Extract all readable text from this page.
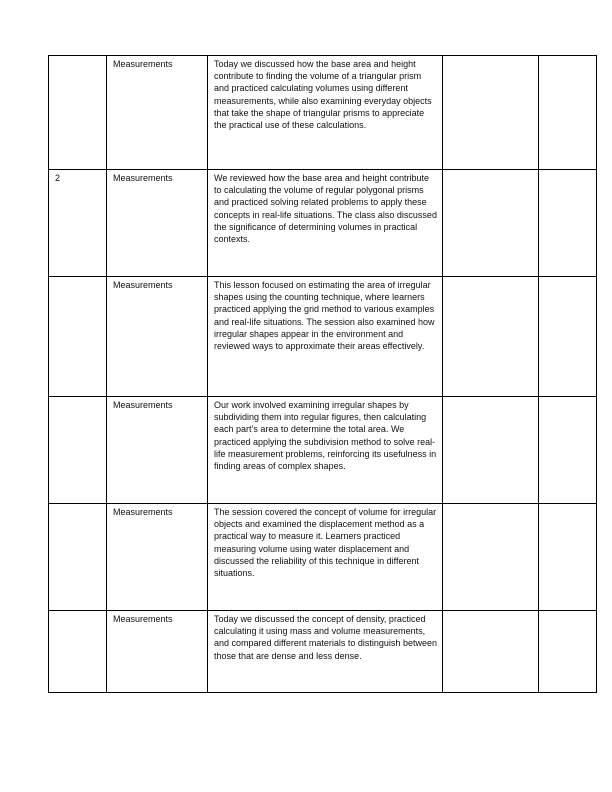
	Measurements	Today we discussed how the base area and height contribute to finding the volume of a triangular prism and practiced calculating volumes using different measurements, while also examining everyday objects that take the shape of triangular prisms to appreciate the practical use of these calculations.		
2	Measurements	We reviewed how the base area and height contribute to calculating the volume of regular polygonal prisms and practiced solving related problems to apply these concepts in real-life situations. The class also discussed the significance of determining volumes in practical contexts.		
	Measurements	This lesson focused on estimating the area of irregular shapes using the counting technique, where learners practiced applying the grid method to various examples and real-life situations. The session also examined how irregular shapes appear in the environment and reviewed ways to approximate their areas effectively.		
	Measurements	Our work involved examining irregular shapes by subdividing them into regular figures, then calculating each part’s area to determine the total area. We practiced applying the subdivision method to solve real-life measurement problems, reinforcing its usefulness in finding areas of complex shapes.		
	Measurements	The session covered the concept of volume for irregular objects and examined the displacement method as a practical way to measure it. Learners practiced measuring volume using water displacement and discussed the reliability of this technique in different situations.		
	Measurements	Today we discussed the concept of density, practiced calculating it using mass and volume measurements, and compared different materials to distinguish between those that are dense and less dense.		
